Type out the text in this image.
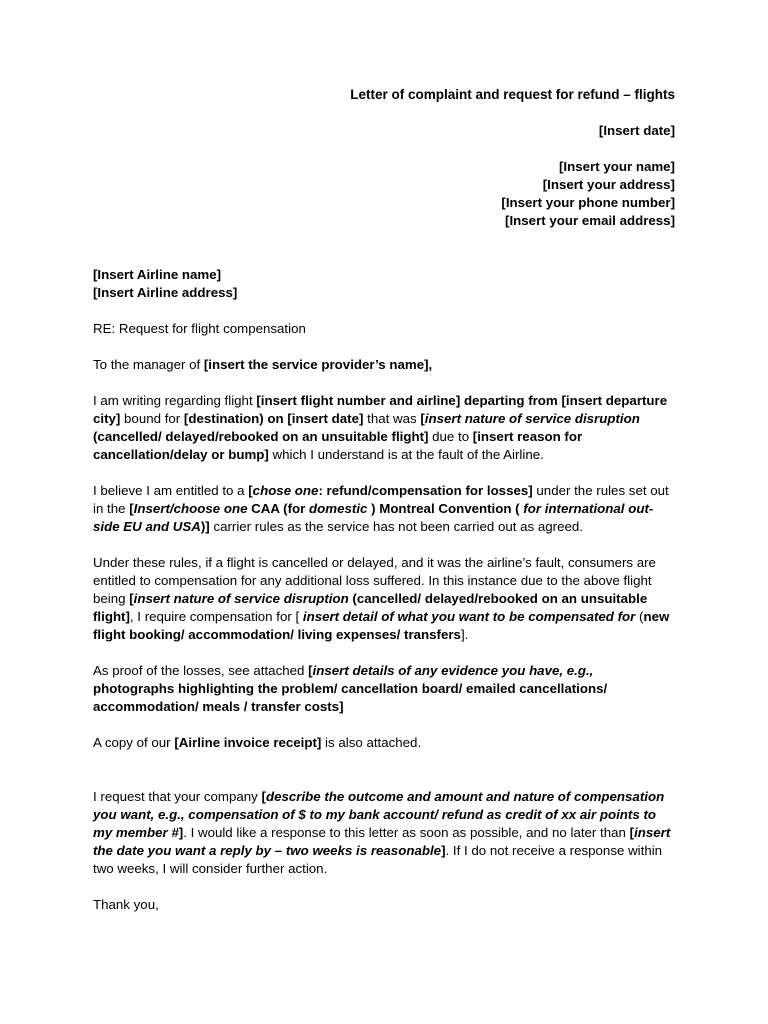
Letter of complaint and request for refund – flights
[Insert date]
[Insert your name]
[Insert your address]
[Insert your phone number]
[Insert your email address]
[Insert Airline name]
[Insert Airline address]

RE: Request for flight compensation

To the manager of [insert the service provider’s name],

I am writing regarding flight [insert flight number and airline] departing from [insert departure city] bound for [destination) on [insert date] that was [insert nature of service disruption (cancelled/ delayed/rebooked on an unsuitable flight] due to [insert reason for cancellation/delay or bump] which I understand is at the fault of the Airline.

I believe I am entitled to a [chose one: refund/compensation for losses] under the rules set out in the [Insert/choose one CAA (for domestic ) Montreal Convention ( for international out- side EU and USA)] carrier rules as the service has not been carried out as agreed.

Under these rules, if a flight is cancelled or delayed, and it was the airline’s fault, consumers are entitled to compensation for any additional loss suffered. In this instance due to the above flight being [insert nature of service disruption (cancelled/ delayed/rebooked on an unsuitable flight], I require compensation for [ insert detail of what you want to be compensated for (new flight booking/ accommodation/ living expenses/ transfers].

As proof of the losses, see attached [insert details of any evidence you have, e.g., photographs highlighting the problem/ cancellation board/ emailed cancellations/ accommodation/ meals / transfer costs]

A copy of our [Airline invoice receipt] is also attached.

I request that your company [describe the outcome and amount and nature of compensation you want, e.g., compensation of $ to my bank account/ refund as credit of xx air points to my member #]. I would like a response to this letter as soon as possible, and no later than [insert the date you want a reply by – two weeks is reasonable]. If I do not receive a response within two weeks, I will consider further action.

Thank you,
